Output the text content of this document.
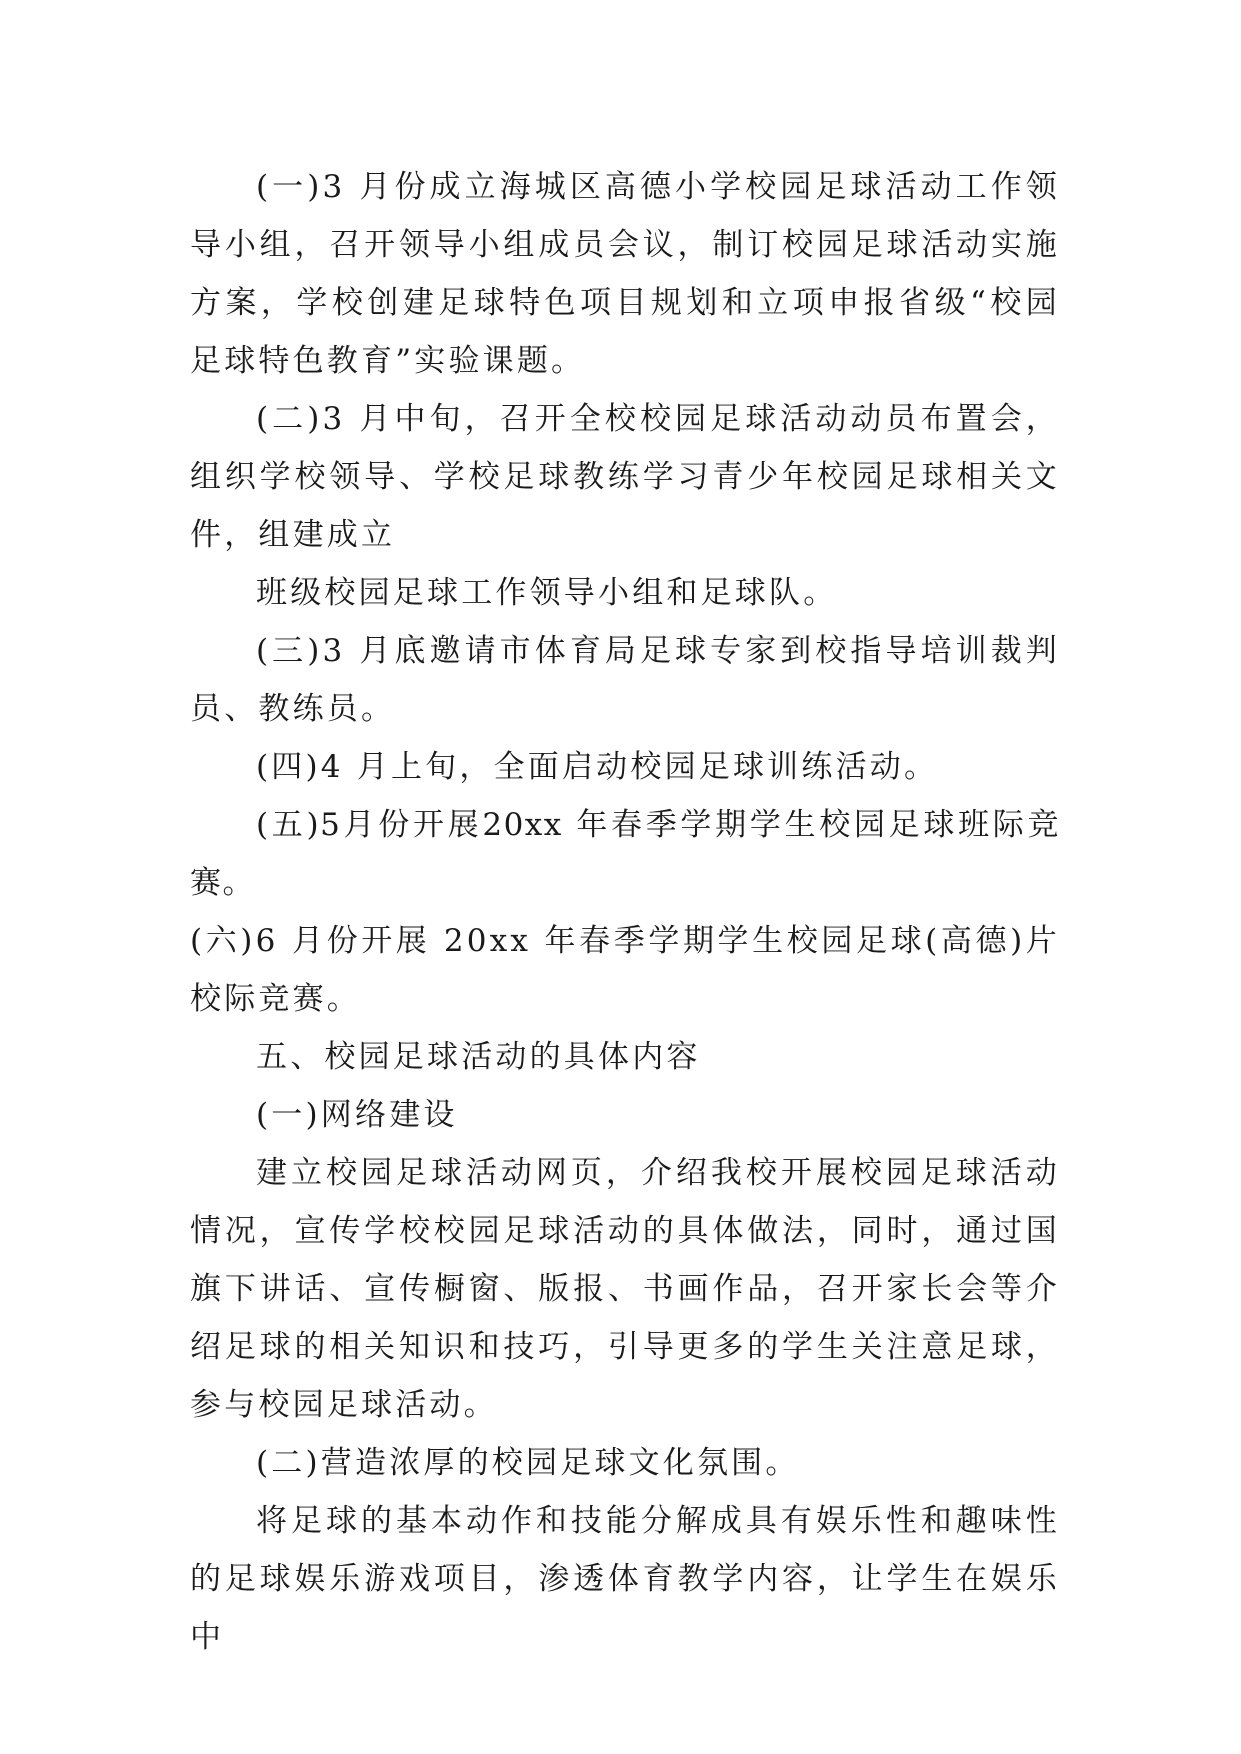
(一)3 月份成立海城区高德小学校园足球活动工作领导小组，召开领导小组成员会议，制订校园足球活动实施方案，学校创建足球特色项目规划和立项申报省级“校园足球特色教育”实验课题。

(二)3 月中旬，召开全校校园足球活动动员布置会，组织学校领导、学校足球教练学习青少年校园足球相关文件，组建成立

班级校园足球工作领导小组和足球队。

(三)3 月底邀请市体育局足球专家到校指导培训裁判员、教练员。

(四)4 月上旬，全面启动校园足球训练活动。

(五)5月份开展20xx 年春季学期学生校园足球班际竞赛。

(六)6 月份开展 20xx 年春季学期学生校园足球(高德)片校际竞赛。

五、校园足球活动的具体内容

(一)网络建设

建立校园足球活动网页，介绍我校开展校园足球活动情况，宣传学校校园足球活动的具体做法，同时，通过国旗下讲话、宣传橱窗、版报、书画作品，召开家长会等介绍足球的相关知识和技巧，引导更多的学生关注意足球，参与校园足球活动。

(二)营造浓厚的校园足球文化氛围。

将足球的基本动作和技能分解成具有娱乐性和趣味性的足球娱乐游戏项目，渗透体育教学内容，让学生在娱乐中
